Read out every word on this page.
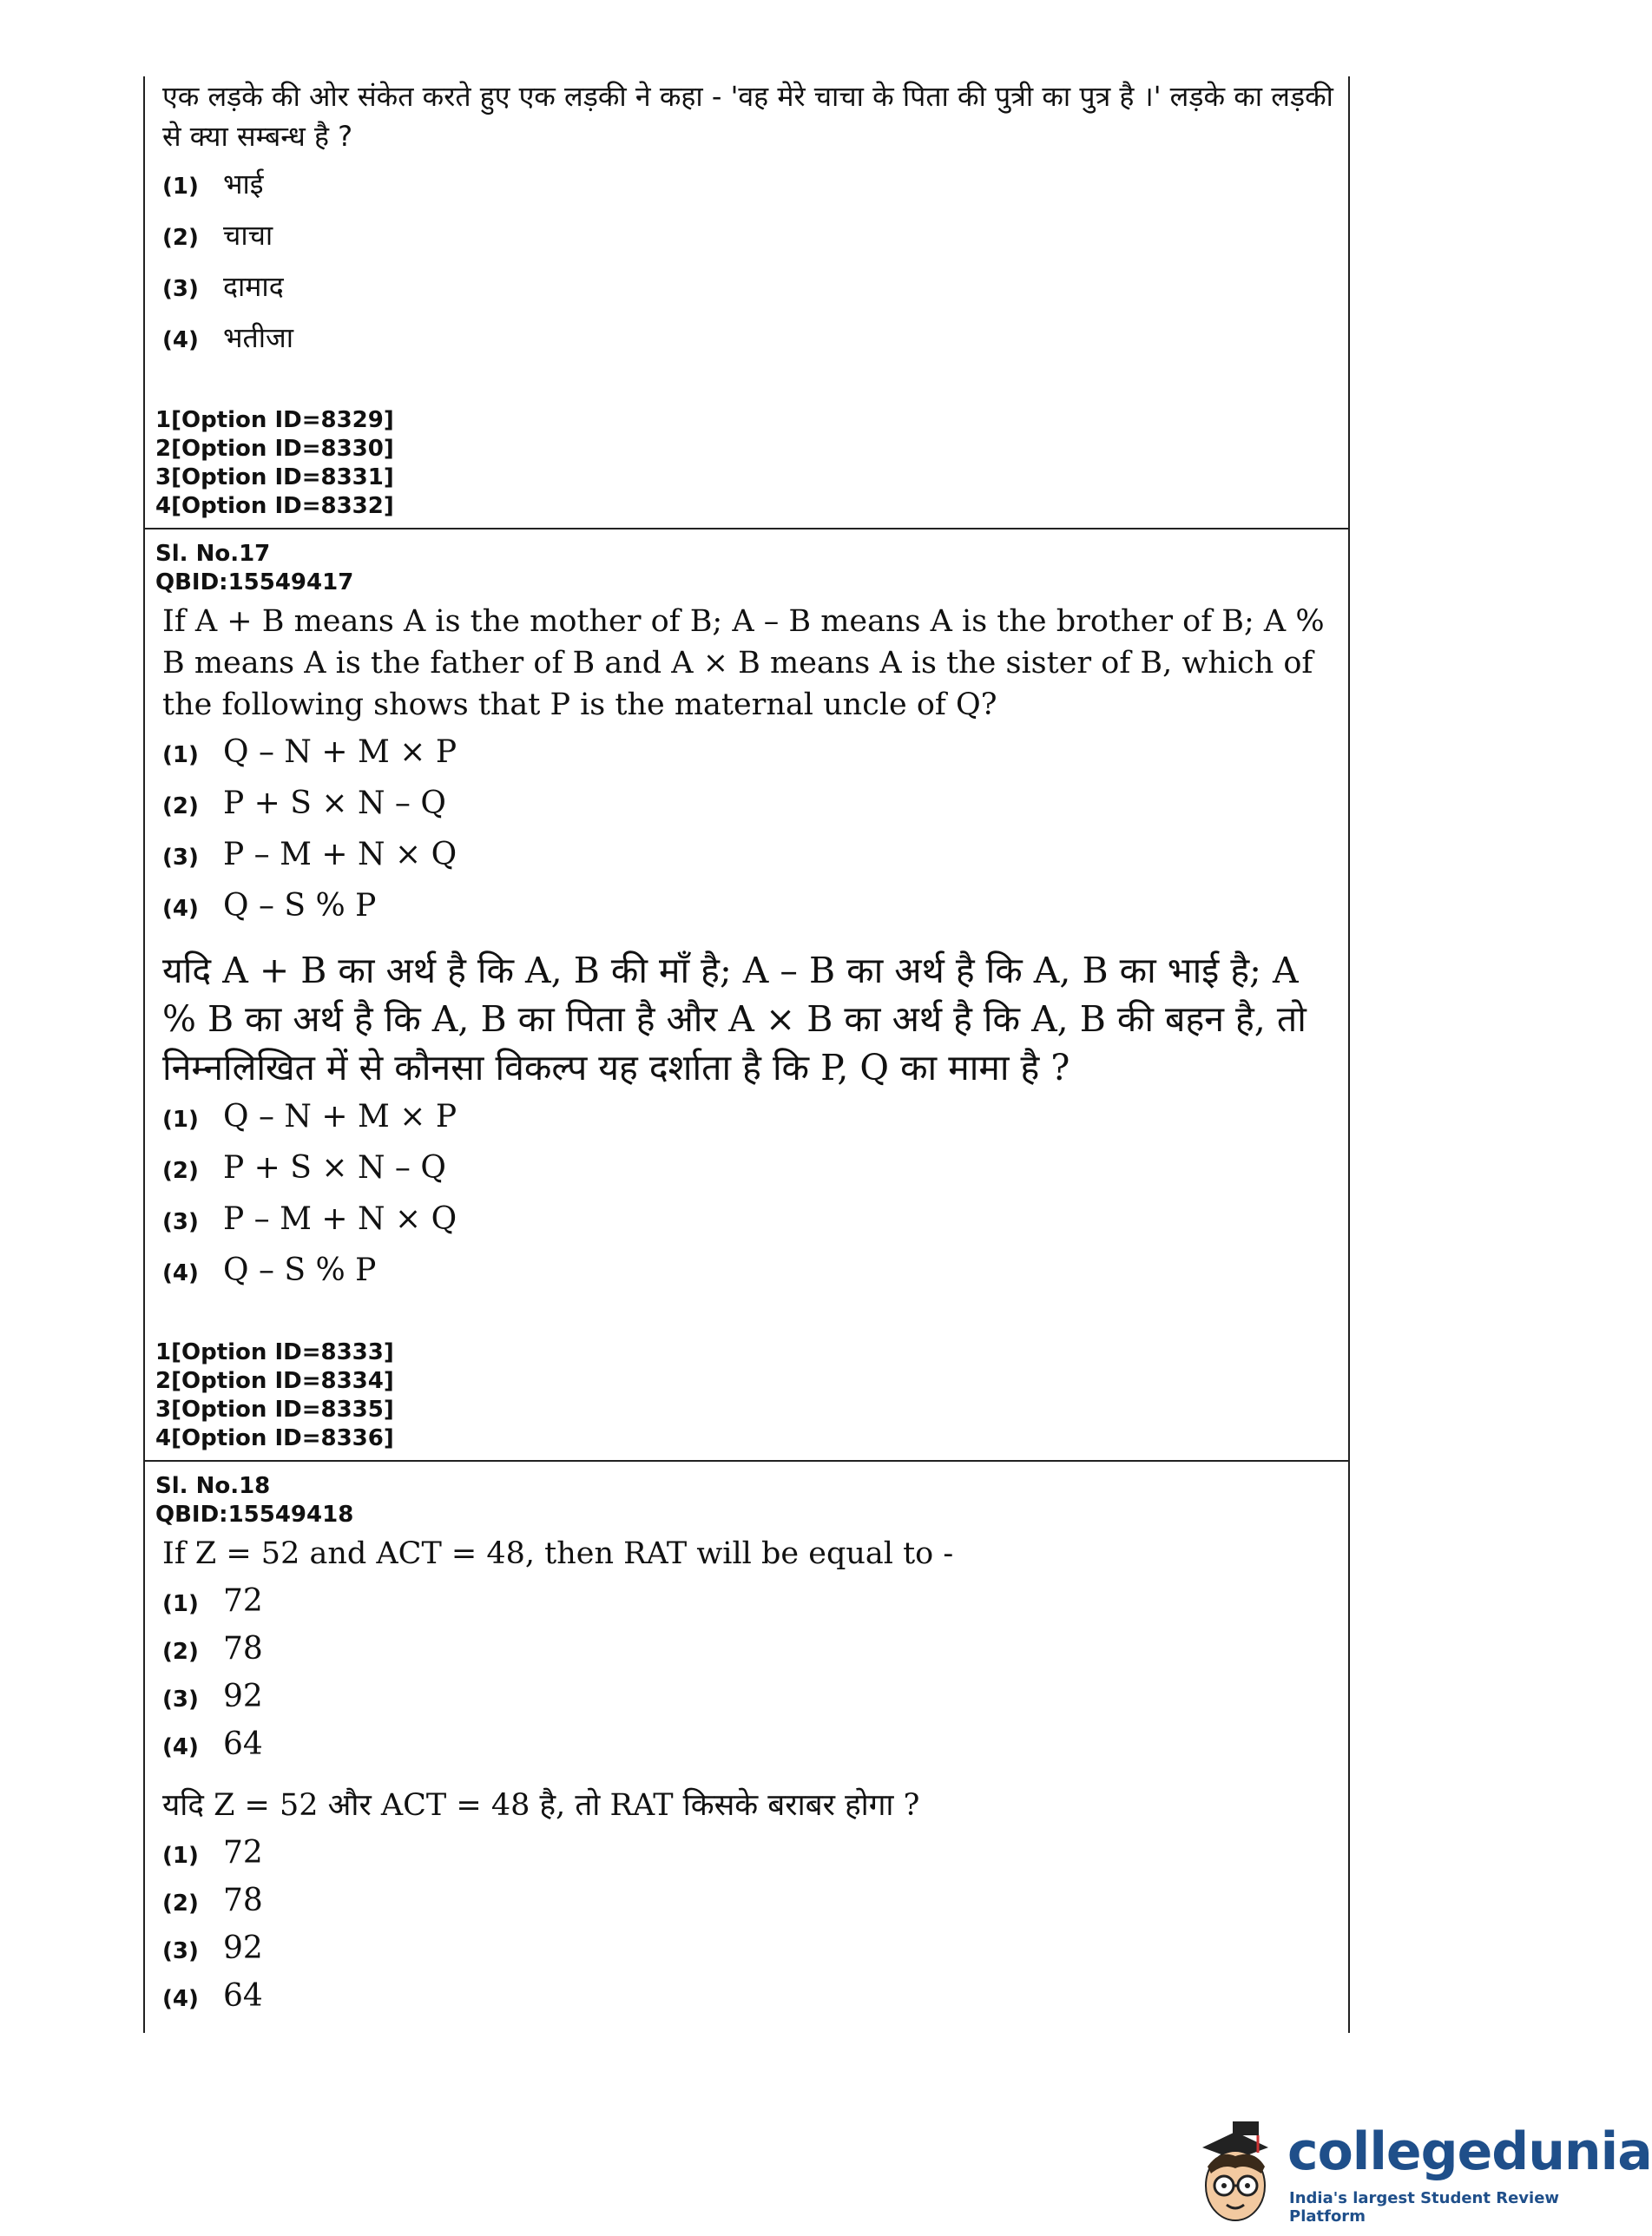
एक लड़के की ओर संकेत करते हुए एक लड़की ने कहा - 'वह मेरे चाचा के पिता की पुत्री का पुत्र है ।' लड़के का लड़की से क्या सम्बन्ध है ?
(1) भाई
(2) चाचा
(3) दामाद
(4) भतीजा
1[Option ID=8329]
2[Option ID=8330]
3[Option ID=8331]
4[Option ID=8332]
Sl. No.17
QBID:15549417
If A + B means A is the mother of B; A – B means A is the brother of B; A % B means A is the father of B and A × B means A is the sister of B, which of the following shows that P is the maternal uncle of Q?
(1) Q – N + M × P
(2) P + S × N – Q
(3) P – M + N × Q
(4) Q – S % P
यदि A + B का अर्थ है कि A, B की माँ है; A – B का अर्थ है कि A, B का भाई है; A % B का अर्थ है कि A, B का पिता है और A × B का अर्थ है कि A, B की बहन है, तो निम्नलिखित में से कौनसा विकल्प यह दर्शाता है कि P, Q का मामा है ?
(1) Q – N + M × P
(2) P + S × N – Q
(3) P – M + N × Q
(4) Q – S % P
1[Option ID=8333]
2[Option ID=8334]
3[Option ID=8335]
4[Option ID=8336]
Sl. No.18
QBID:15549418
If Z = 52 and ACT = 48, then RAT will be equal to -
(1) 72
(2) 78
(3) 92
(4) 64
यदि Z = 52 और ACT = 48 है, तो RAT किसके बराबर होगा ?
(1) 72
(2) 78
(3) 92
(4) 64
collegedunia
India's largest Student Review Platform
